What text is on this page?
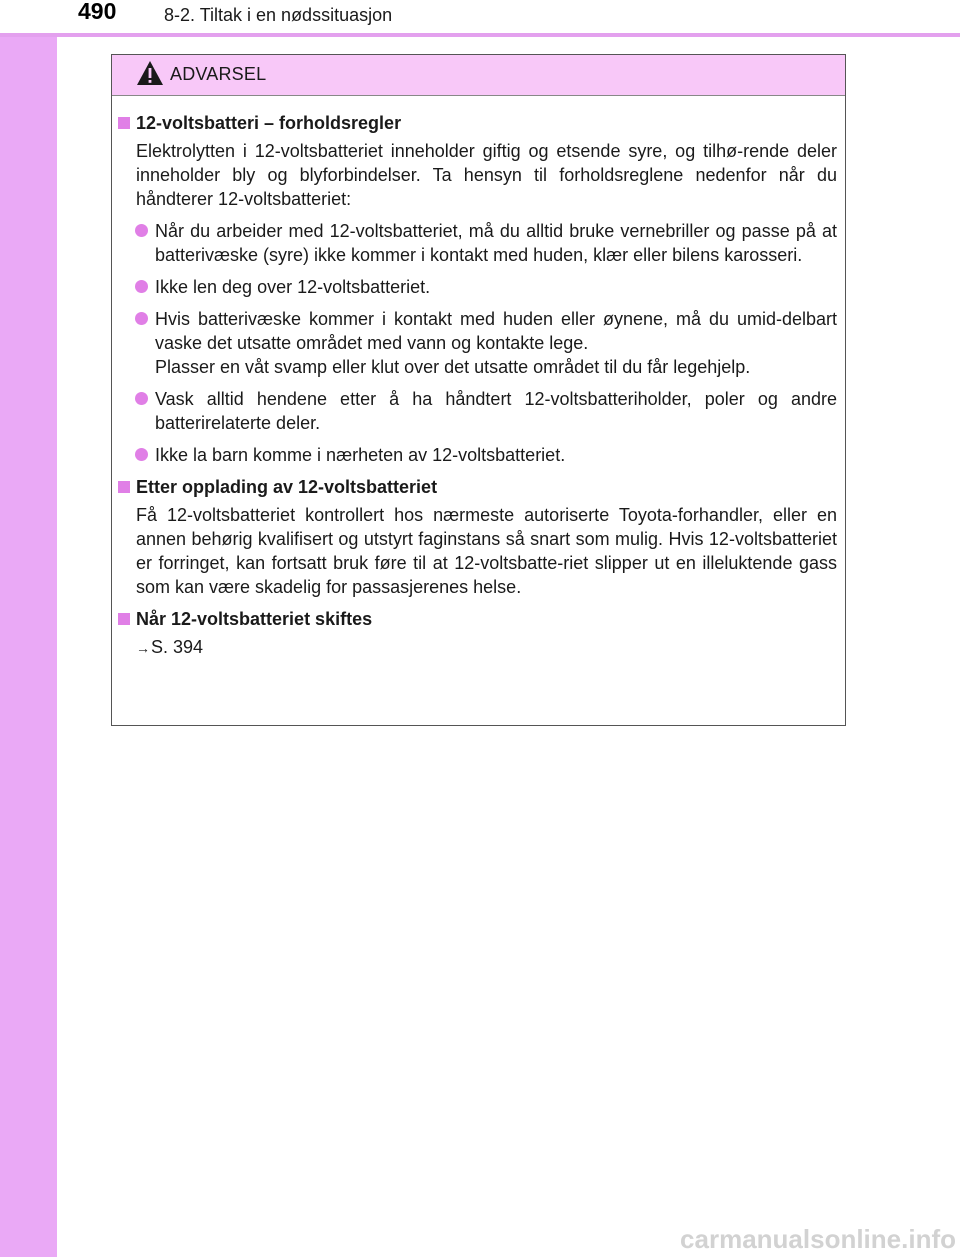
490	8-2. Tiltak i en nødssituasjon
ADVARSEL
12-voltsbatteri – forholdsregler

Elektrolytten i 12-voltsbatteriet inneholder giftig og etsende syre, og tilhø-rende deler inneholder bly og blyforbindelser. Ta hensyn til forholdsreglene nedenfor når du håndterer 12-voltsbatteriet:

Når du arbeider med 12-voltsbatteriet, må du alltid bruke vernebriller og passe på at batterivæske (syre) ikke kommer i kontakt med huden, klær eller bilens karosseri.
Ikke len deg over 12-voltsbatteriet.
Hvis batterivæske kommer i kontakt med huden eller øynene, må du umid-delbart vaske det utsatte området med vann og kontakte lege.
Plasser en våt svamp eller klut over det utsatte området til du får legehjelp.
Vask alltid hendene etter å ha håndtert 12-voltsbatteriholder, poler og andre batterirelaterte deler.
Ikke la barn komme i nærheten av 12-voltsbatteriet.
Etter opplading av 12-voltsbatteriet

Få 12-voltsbatteriet kontrollert hos nærmeste autoriserte Toyota-forhandler, eller en annen behørig kvalifisert og utstyrt faginstans så snart som mulig. Hvis 12-voltsbatteriet er forringet, kan fortsatt bruk føre til at 12-voltsbatte-riet slipper ut en illeluktende gass som kan være skadelig for passasjerenes helse.

Når 12-voltsbatteriet skiftes
→S. 394
carmanualsonline.info
